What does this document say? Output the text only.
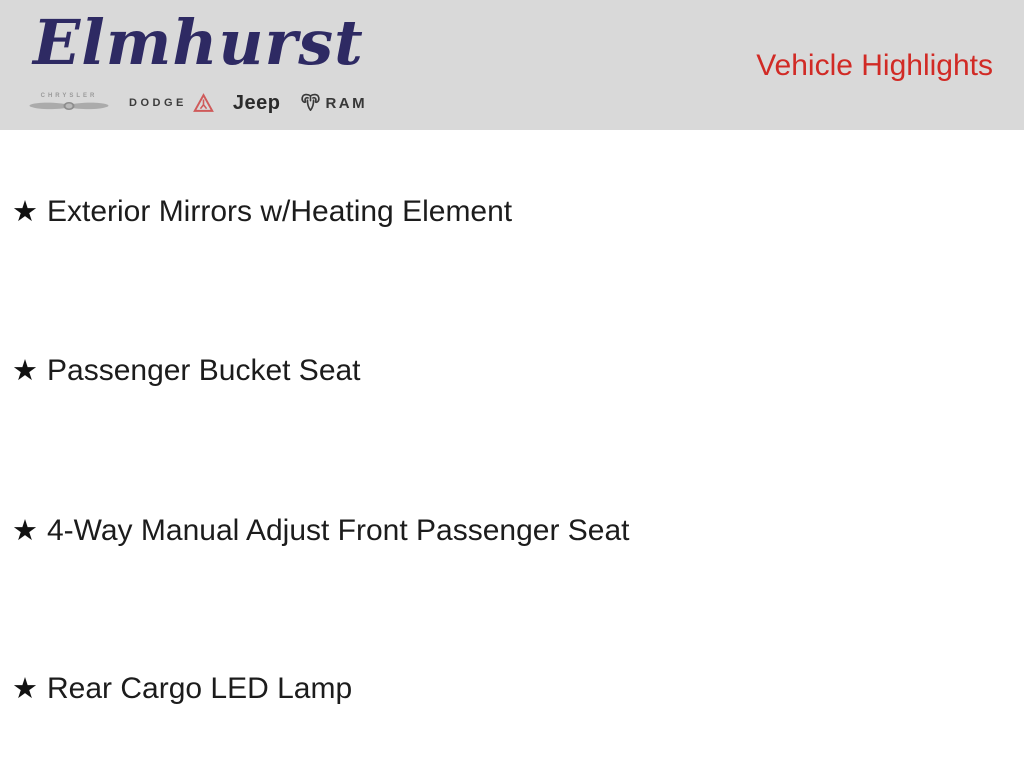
Elmhurst
CHRYSLER
DODGE Jeep	RAM
Vehicle Highlights
★ Exterior Mirrors w/Heating Element
★ Passenger Bucket Seat
★ 4-Way Manual Adjust Front Passenger Seat
★ Rear Cargo LED Lamp
